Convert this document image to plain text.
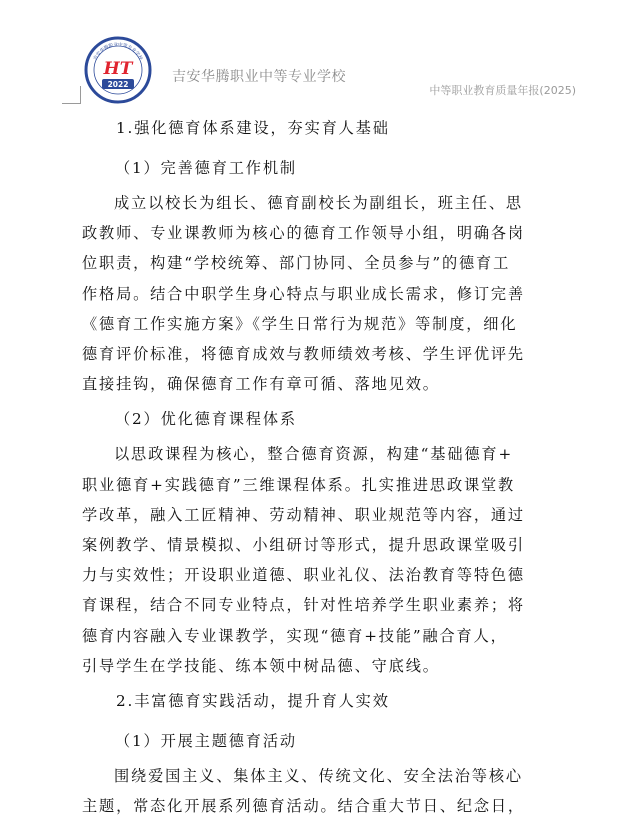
吉安华腾职业中等专业学校
HT
2022	吉安华腾职业中等专业学校
中等职业教育质量年报(2025)
1.强化德育体系建设，夯实育人基础
（1）完善德育工作机制

成立以校长为组长、德育副校长为副组长，班主任、思

政教师、专业课教师为核心的德育工作领导小组，明确各岗

位职责，构建“学校统筹、部门协同、全员参与”的德育工

作格局。结合中职学生身心特点与职业成长需求，修订完善

《德育工作实施方案》《学生日常行为规范》等制度，细化

德育评价标准，将德育成效与教师绩效考核、学生评优评先

直接挂钩，确保德育工作有章可循、落地见效。

（2）优化德育课程体系

以思政课程为核心，整合德育资源，构建“基础德育+

职业德育+实践德育”三维课程体系。扎实推进思政课堂教

学改革，融入工匠精神、劳动精神、职业规范等内容，通过

案例教学、情景模拟、小组研讨等形式，提升思政课堂吸引

力与实效性；开设职业道德、职业礼仪、法治教育等特色德

育课程，结合不同专业特点，针对性培养学生职业素养；将

德育内容融入专业课教学，实现“德育+技能”融合育人，

引导学生在学技能、练本领中树品德、守底线。

2.丰富德育实践活动，提升育人实效
（1）开展主题德育活动

围绕爱国主义、集体主义、传统文化、安全法治等核心

主题，常态化开展系列德育活动。结合重大节日、纪念日，
